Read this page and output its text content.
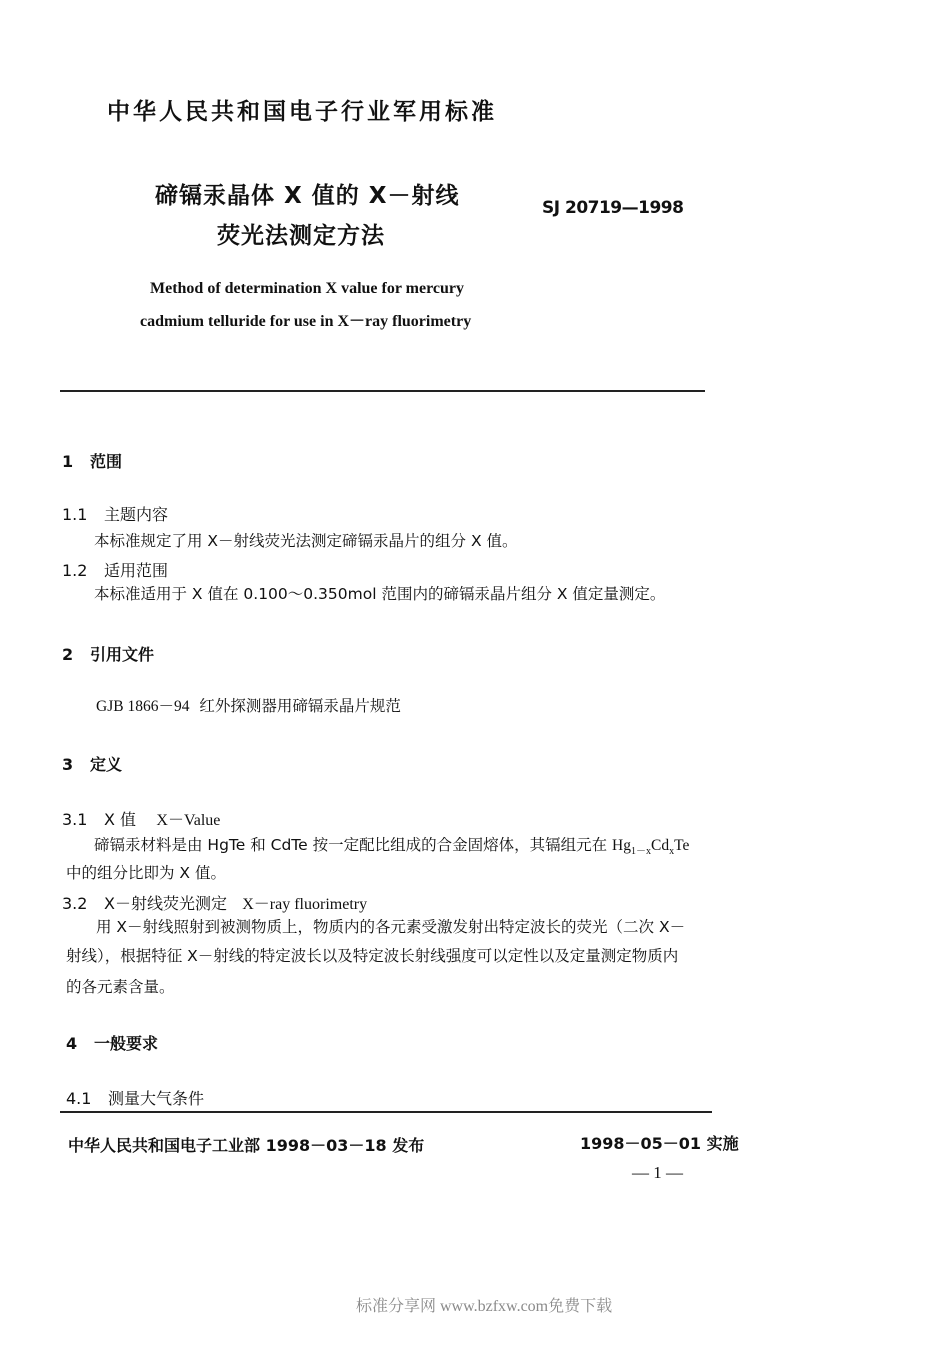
中华人民共和国电子行业军用标准
碲镉汞晶体 X 值的 X－射线
荧光法测定方法
SJ 20719—1998
Method of determination X value for mercury
cadmium telluride for use in X－ray fluorimetry
1 范围
1.1 主题内容
本标准规定了用 X－射线荧光法测定碲镉汞晶片的组分 X 值。
1.2 适用范围
本标准适用于 X 值在 0.100～0.350mol 范围内的碲镉汞晶片组分 X 值定量测定。
2 引用文件
GJB 1866－94 红外探测器用碲镉汞晶片规范
3 定义
3.1 X 值 X－Value
碲镉汞材料是由 HgTe 和 CdTe 按一定配比组成的合金固熔体，其镉组元在 $Hg_{1-x}Cd_xTe$
中的组分比即为 X 值。
3.2 X－射线荧光测定 X－ray fluorimetry
用 X－射线照射到被测物质上，物质内的各元素受激发射出特定波长的荧光（二次 X－
射线），根据特征 X－射线的特定波长以及特定波长射线强度可以定性以及定量测定物质内
的各元素含量。
4 一般要求
4.1 测量大气条件
中华人民共和国电子工业部 1998－03－18 发布	1998－05－01 实施
— 1 —
标准分享网 www.bzfxw.com免费下载
